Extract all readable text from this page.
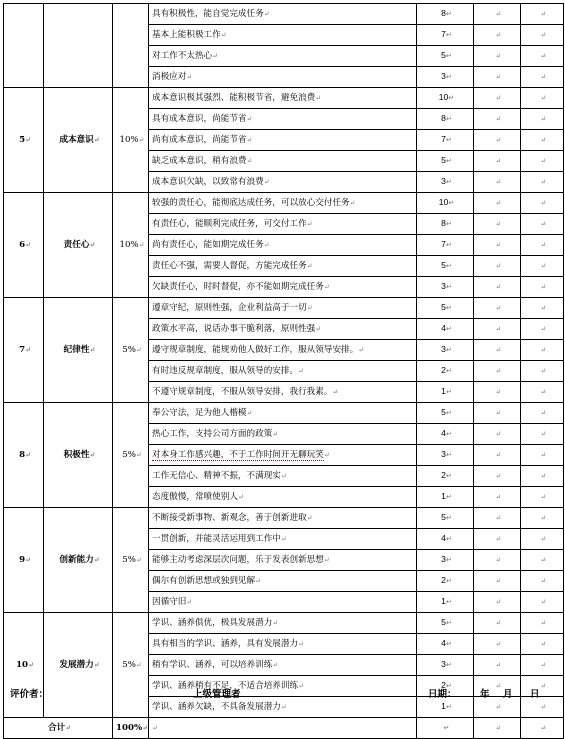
			具有积极性，能自觉完成任务↵	8↵	↵	↵
			基本上能积极工作↵	7↵	↵	↵
			对工作不太热心↵	5↵	↵	↵
			消极应对↵	3↵	↵	↵
5↵	成本意识↵	10%↵	成本意识极其强烈、能积极节省，避免浪费↵	10↵	↵	↵
			具有成本意识，尚能节省↵	8↵	↵	↵
			尚有成本意识，尚能节省↵	7↵	↵	↵
			缺乏成本意识，稍有浪费↵	5↵	↵	↵
			成本意识欠缺，以致常有浪费↵	3↵	↵	↵
6↵	责任心↵	10%↵	较强的责任心，能彻底达成任务，可以放心交付任务↵	10↵	↵	↵
			有责任心，能顺利完成任务，可交付工作↵	8↵	↵	↵
			尚有责任心，能如期完成任务↵	7↵	↵	↵
			责任心不强，需要人督促，方能完成任务↵	5↵	↵	↵
			欠缺责任心，时时督促，亦不能如期完成任务↵	3↵	↵	↵
7↵	纪律性↵	5%↵	遵章守纪，原则性强，企业利益高于一切↵	5↵	↵	↵
			政策水平高，说话办事干脆利落，原则性强↵	4↵	↵	↵
			遵守规章制度，能规劝他人做好工作，服从领导安排。↵	3↵	↵	↵
			有时违反规章制度，服从领导的安排。↵	2↵	↵	↵
			不遵守规章制度，不服从领导安排，我行我素。↵	1↵	↵	↵
8↵	积极性↵	5%↵	奉公守法，足为他人楷模↵	5↵	↵	↵
			热心工作，支持公司方面的政策↵	4↵	↵	↵
			对本身工作感兴趣，不于工作时间开无聊玩笑↵	3↵	↵	↵
			工作无信心、精神不振，不满现实↵	2↵	↵	↵
			态度傲慢，常喷使别人↵	1↵	↵	↵
9↵	创新能力↵	5%↵	不断接受新事物、新观念，善于创新进取↵	5↵	↵	↵
			一贯创新，并能灵活运用到工作中↵	4↵	↵	↵
			能够主动考虑深层次问题，乐于发表创新思想↵	3↵	↵	↵
			偶尔有创新思想或独到见解↵	2↵	↵	↵
			因循守旧↵	1↵	↵	↵
10↵	发展潜力↵	5%↵	学识、涵养俱优，极具发展潜力↵	5↵	↵	↵
			具有相当的学识、涵养，具有发展潜力↵	4↵	↵	↵
			稍有学识、涵养，可以培养训练↵	3↵	↵	↵
			学识、涵养稍有不足，不适合培养训练↵	2↵	↵	↵
			学识、涵养欠缺，不具备发展潜力↵	1↵	↵	↵
合计↵		100%↵	↵	↵	↵	↵
评价者：	上级管理者	日期： 年 月 日
